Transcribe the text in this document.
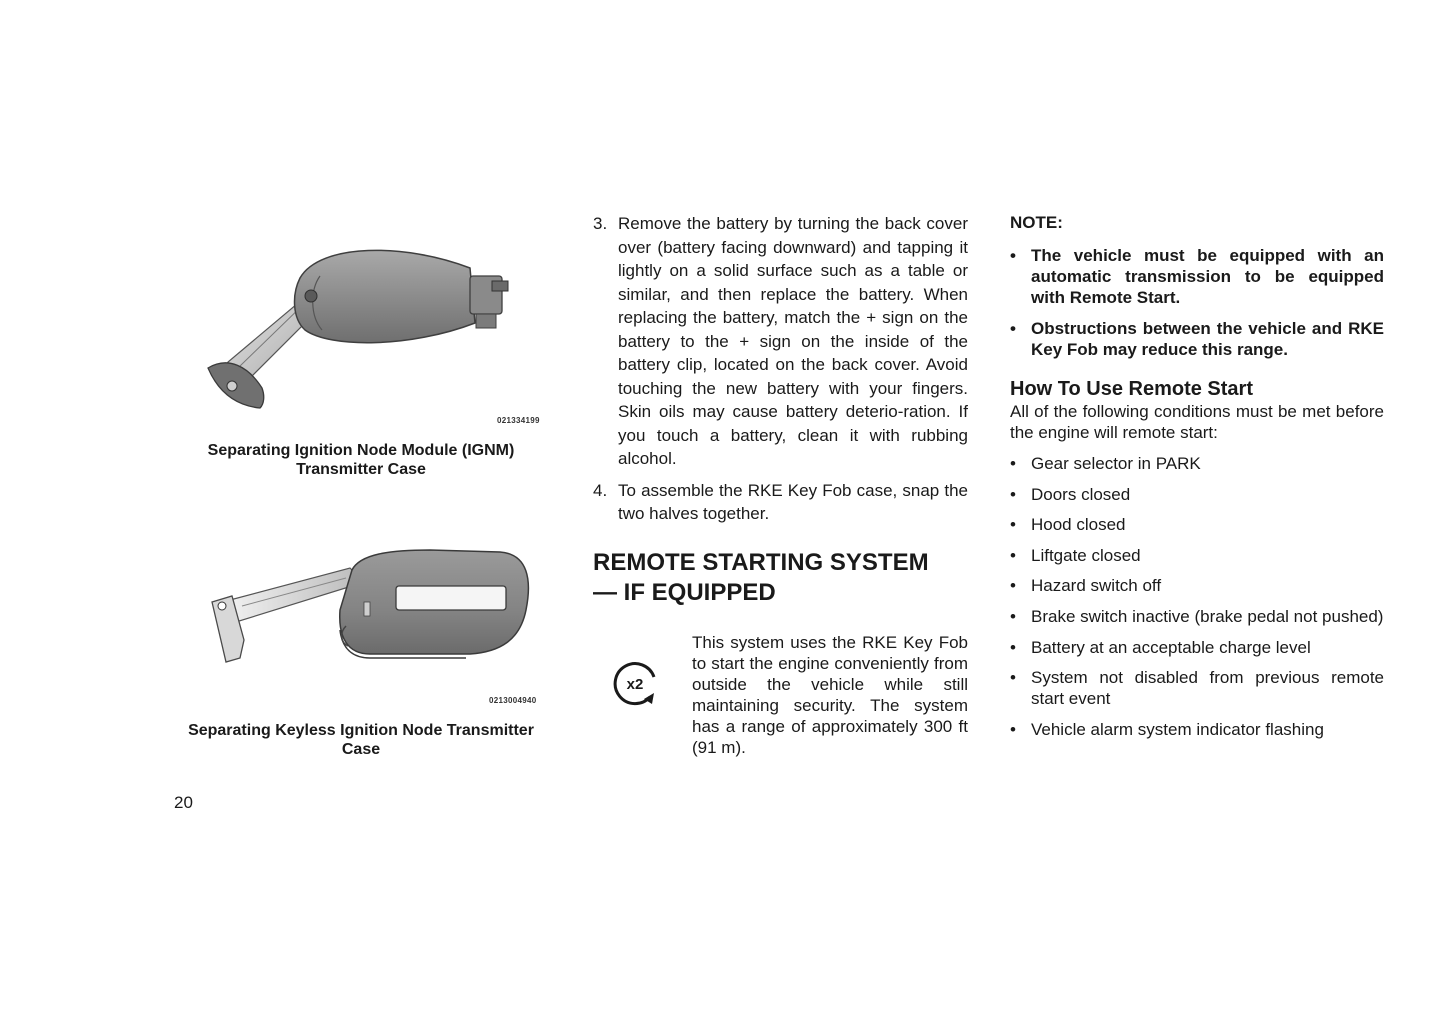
021334199
Separating Ignition Node Module (IGNM) Transmitter Case
0213004940
Separating Keyless Ignition Node Transmitter Case
20
3. Remove the battery by turning the back cover over (battery facing downward) and tapping it lightly on a solid surface such as a table or similar, and then replace the battery. When replacing the battery, match the + sign on the battery to the + sign on the inside of the battery clip, located on the back cover. Avoid touching the new battery with your fingers. Skin oils may cause battery deterio-ration. If you touch a battery, clean it with rubbing alcohol.
4. To assemble the RKE Key Fob case, snap the two halves together.
REMOTE STARTING SYSTEM
— IF EQUIPPED
x2
This system uses the RKE Key Fob to start the engine conveniently from outside the vehicle while still maintaining security. The system has a range of approximately 300 ft (91 m).
NOTE:
• The vehicle must be equipped with an automatic transmission to be equipped with Remote Start.
• Obstructions between the vehicle and RKE Key Fob may reduce this range.
How To Use Remote Start
All of the following conditions must be met before the engine will remote start:
• Gear selector in PARK
• Doors closed
• Hood closed
• Liftgate closed
• Hazard switch off
• Brake switch inactive (brake pedal not pushed)
• Battery at an acceptable charge level
• System not disabled from previous remote start event
• Vehicle alarm system indicator flashing
